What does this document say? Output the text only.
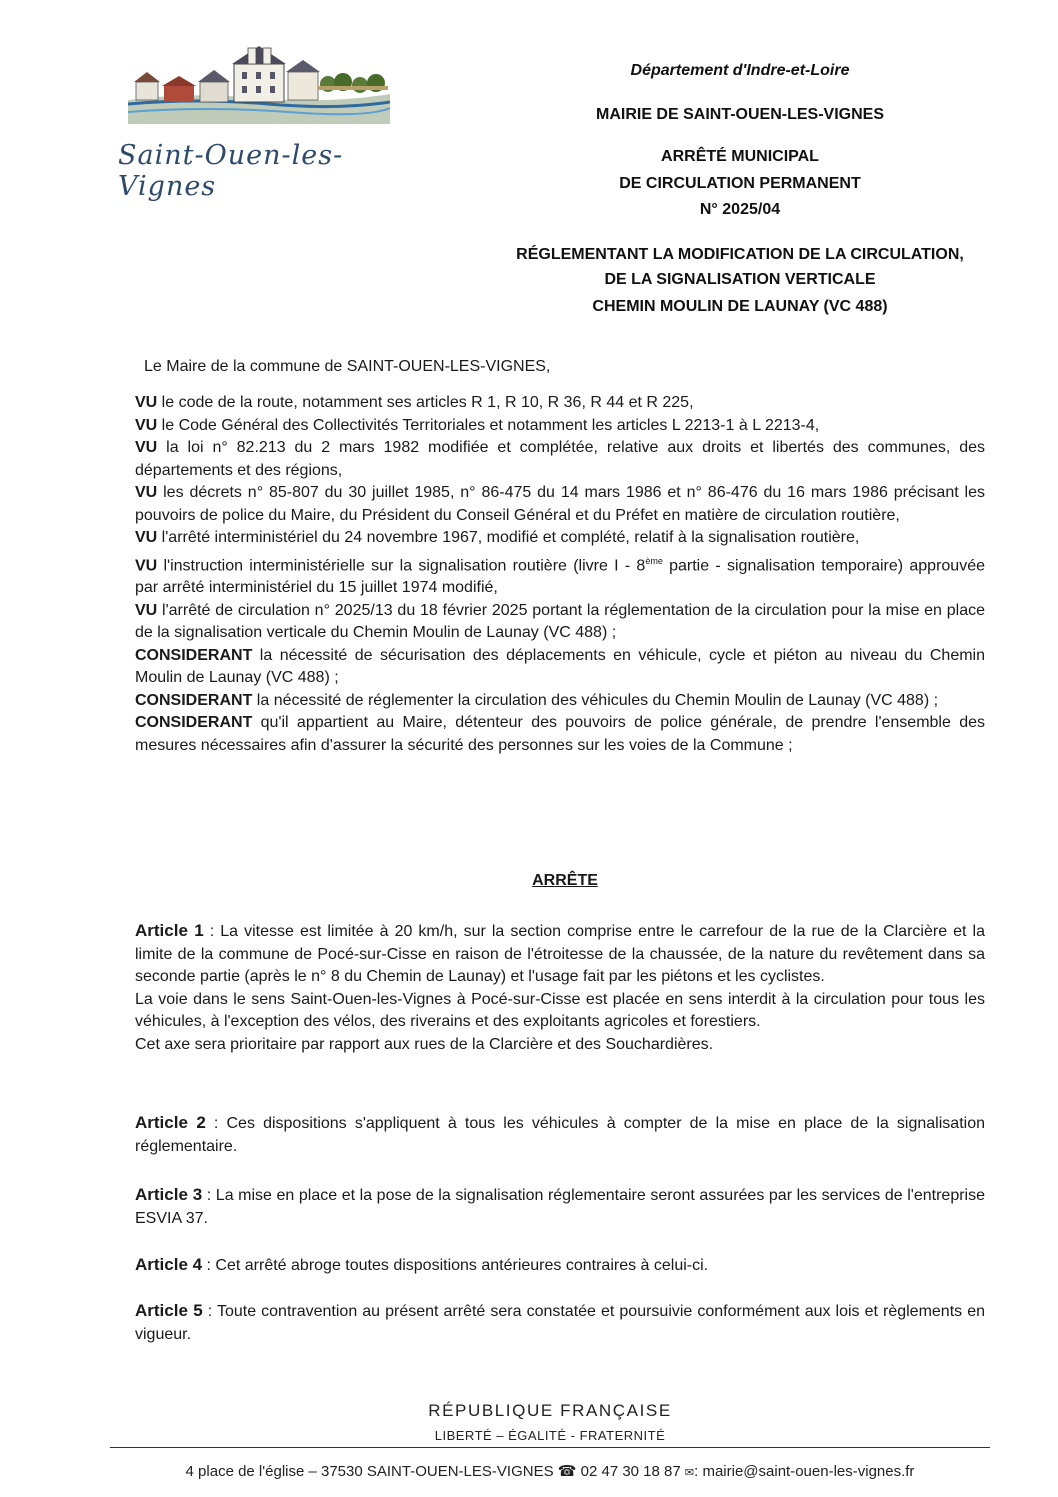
Saint-Ouen-les-Vignes
Département d'Indre-et-Loire
MAIRIE DE SAINT-OUEN-LES-VIGNES
ARRÊTÉ MUNICIPAL
DE CIRCULATION PERMANENT
N° 2025/04
RÉGLEMENTANT LA MODIFICATION DE LA CIRCULATION,
DE LA SIGNALISATION VERTICALE
CHEMIN MOULIN DE LAUNAY (VC 488)
Le Maire de la commune de SAINT-OUEN-LES-VIGNES,

VU le code de la route, notamment ses articles R 1, R 10, R 36, R 44 et R 225,

VU le Code Général des Collectivités Territoriales et notamment les articles L 2213-1 à L 2213-4,

VU la loi n° 82.213 du 2 mars 1982 modifiée et complétée, relative aux droits et libertés des communes, des départements et des régions,

VU les décrets n° 85-807 du 30 juillet 1985, n° 86-475 du 14 mars 1986 et n° 86-476 du 16 mars 1986 précisant les pouvoirs de police du Maire, du Président du Conseil Général et du Préfet en matière de circulation routière,

VU l'arrêté interministériel du 24 novembre 1967, modifié et complété, relatif à la signalisation routière,

VU l'instruction interministérielle sur la signalisation routière (livre I - 8ème partie - signalisation temporaire) approuvée par arrêté interministériel du 15 juillet 1974 modifié,

VU l'arrêté de circulation n° 2025/13 du 18 février 2025 portant la réglementation de la circulation pour la mise en place de la signalisation verticale du Chemin Moulin de Launay (VC 488) ;

CONSIDERANT la nécessité de sécurisation des déplacements en véhicule, cycle et piéton au niveau du Chemin Moulin de Launay (VC 488) ;

CONSIDERANT la nécessité de réglementer la circulation des véhicules du Chemin Moulin de Launay (VC 488) ;

CONSIDERANT qu'il appartient au Maire, détenteur des pouvoirs de police générale, de prendre l'ensemble des mesures nécessaires afin d'assurer la sécurité des personnes sur les voies de la Commune ;

ARRÊTE

Article 1 : La vitesse est limitée à 20 km/h, sur la section comprise entre le carrefour de la rue de la Clarcière et la limite de la commune de Pocé-sur-Cisse en raison de l'étroitesse de la chaussée, de la nature du revêtement dans sa seconde partie (après le n° 8 du Chemin de Launay) et l'usage fait par les piétons et les cyclistes.

La voie dans le sens Saint-Ouen-les-Vignes à Pocé-sur-Cisse est placée en sens interdit à la circulation pour tous les véhicules, à l'exception des vélos, des riverains et des exploitants agricoles et forestiers.

Cet axe sera prioritaire par rapport aux rues de la Clarcière et des Souchardières.

Article 2 : Ces dispositions s'appliquent à tous les véhicules à compter de la mise en place de la signalisation réglementaire.

Article 3 : La mise en place et la pose de la signalisation réglementaire seront assurées par les services de l'entreprise ESVIA 37.

Article 4 : Cet arrêté abroge toutes dispositions antérieures contraires à celui-ci.

Article 5 : Toute contravention au présent arrêté sera constatée et poursuivie conformément aux lois et règlements en vigueur.

RÉPUBLIQUE FRANÇAISE
LIBERTÉ – ÉGALITÉ - FRATERNITÉ
4 place de l'église – 37530 SAINT-OUEN-LES-VIGNES ☎ 02 47 30 18 87 ✉: mairie@saint-ouen-les-vignes.fr
